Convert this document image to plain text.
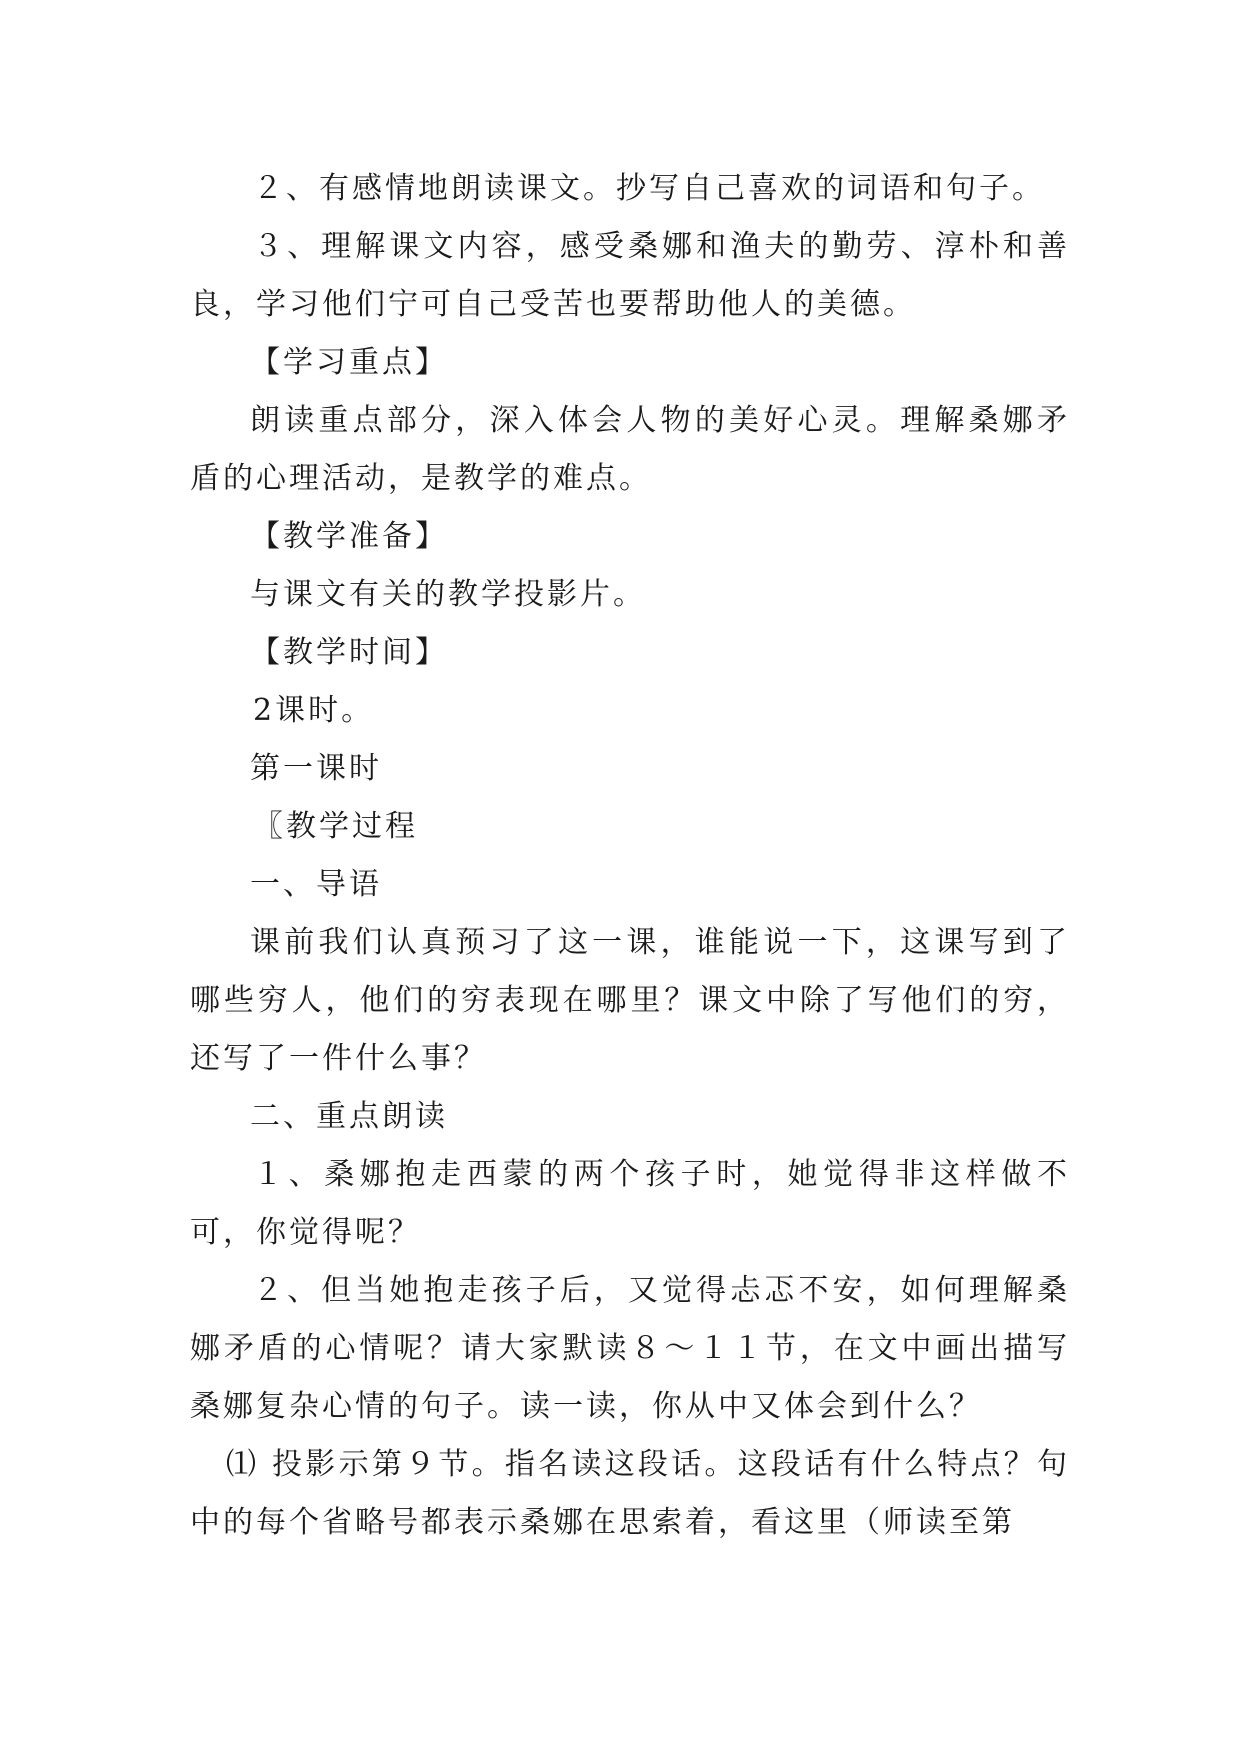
２、有感情地朗读课文。抄写自己喜欢的词语和句子。

３、理解课文内容，感受桑娜和渔夫的勤劳、淳朴和善良，学习他们宁可自己受苦也要帮助他人的美德。

【学习重点】

朗读重点部分，深入体会人物的美好心灵。理解桑娜矛盾的心理活动，是教学的难点。

【教学准备】

与课文有关的教学投影片。

【教学时间】

2课时。

第一课时

〖教学过程

一、导语

课前我们认真预习了这一课，谁能说一下，这课写到了哪些穷人，他们的穷表现在哪里？课文中除了写他们的穷，还写了一件什么事？

二、重点朗读

１、桑娜抱走西蒙的两个孩子时，她觉得非这样做不可，你觉得呢？

２、但当她抱走孩子后，又觉得忐忑不安，如何理解桑娜矛盾的心情呢？请大家默读８～１１节，在文中画出描写桑娜复杂心情的句子。读一读，你从中又体会到什么？

⑴ 投影示第９节。指名读这段话。这段话有什么特点？句中的每个省略号都表示桑娜在思索着，看这里（师读至第
